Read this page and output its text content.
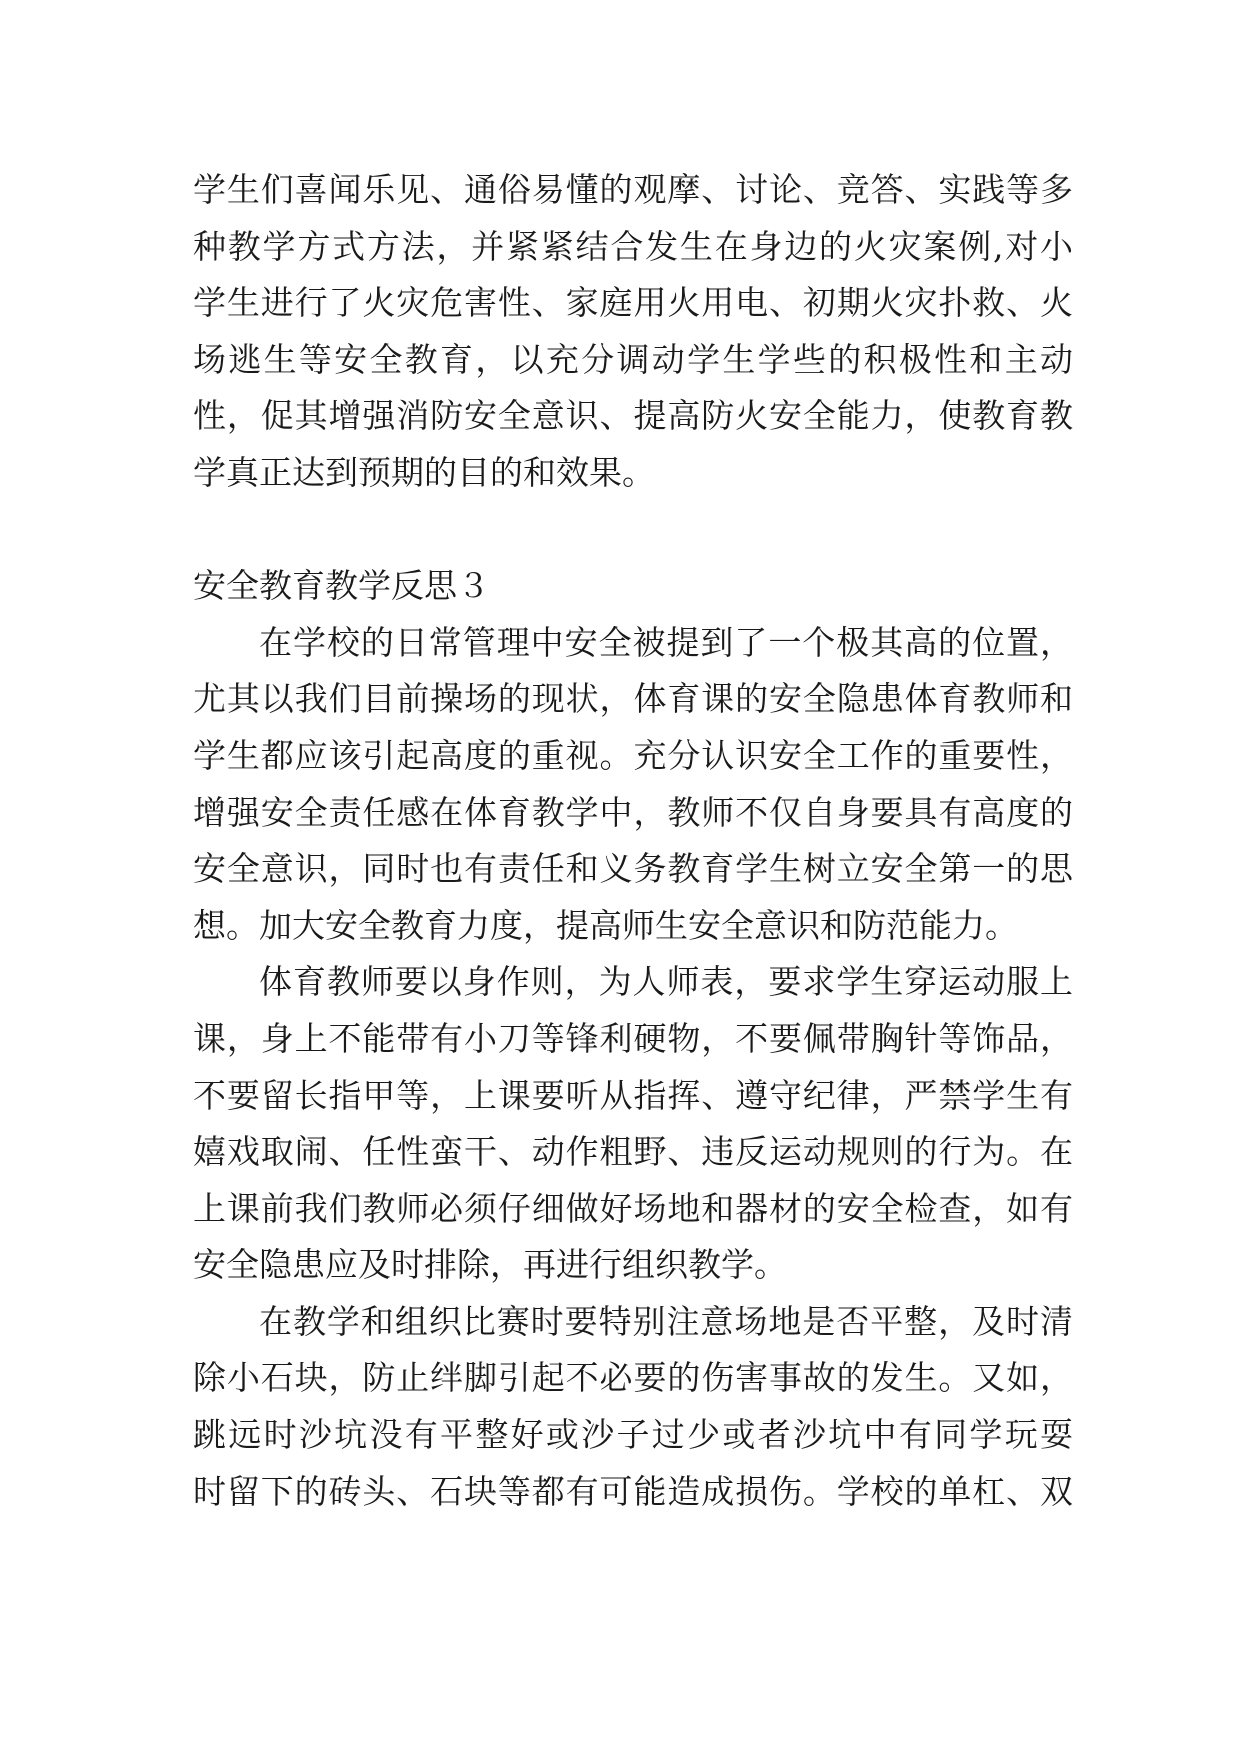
学生们喜闻乐见、通俗易懂的观摩、讨论、竞答、实践等多
种教学方式方法，并紧紧结合发生在身边的火灾案例,对小
学生进行了火灾危害性、家庭用火用电、初期火灾扑救、火
场逃生等安全教育，以充分调动学生学些的积极性和主动
性，促其增强消防安全意识、提高防火安全能力，使教育教
学真正达到预期的目的和效果。
安全教育教学反思３
在学校的日常管理中安全被提到了一个极其高的位置，
尤其以我们目前操场的现状，体育课的安全隐患体育教师和
学生都应该引起高度的重视。充分认识安全工作的重要性，
增强安全责任感在体育教学中，教师不仅自身要具有高度的
安全意识，同时也有责任和义务教育学生树立安全第一的思
想。加大安全教育力度，提高师生安全意识和防范能力。
体育教师要以身作则，为人师表，要求学生穿运动服上
课，身上不能带有小刀等锋利硬物，不要佩带胸针等饰品，
不要留长指甲等，上课要听从指挥、遵守纪律，严禁学生有
嬉戏取闹、任性蛮干、动作粗野、违反运动规则的行为。在
上课前我们教师必须仔细做好场地和器材的安全检查，如有
安全隐患应及时排除，再进行组织教学。
在教学和组织比赛时要特别注意场地是否平整，及时清
除小石块，防止绊脚引起不必要的伤害事故的发生。又如，
跳远时沙坑没有平整好或沙子过少或者沙坑中有同学玩耍
时留下的砖头、石块等都有可能造成损伤。学校的单杠、双
